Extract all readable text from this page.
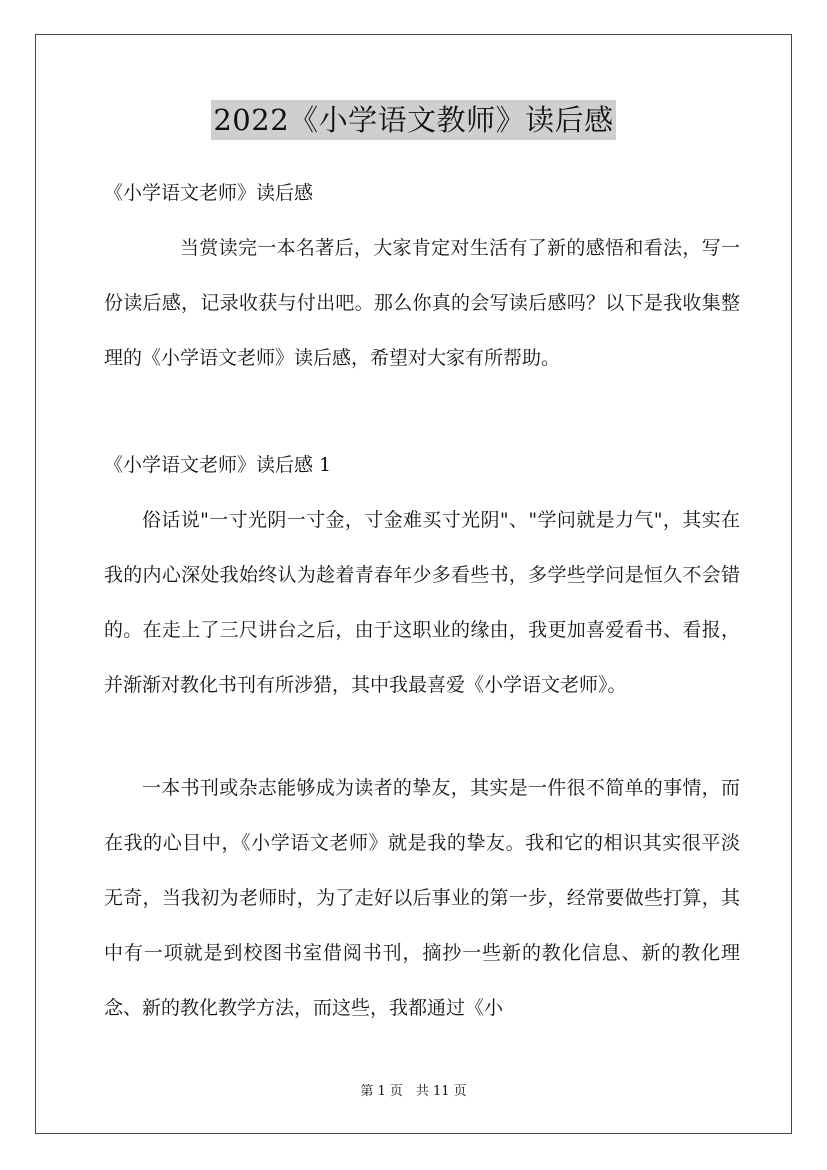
2022《小学语文教师》读后感
《小学语文老师》读后感

当赏读完一本名著后，大家肯定对生活有了新的感悟和看法，写一份读后感，记录收获与付出吧。那么你真的会写读后感吗？以下是我收集整理的《小学语文老师》读后感，希望对大家有所帮助。

《小学语文老师》读后感 1

俗话说"一寸光阴一寸金，寸金难买寸光阴"、"学问就是力气"，其实在我的内心深处我始终认为趁着青春年少多看些书，多学些学问是恒久不会错的。在走上了三尺讲台之后，由于这职业的缘由，我更加喜爱看书、看报，并渐渐对教化书刊有所涉猎，其中我最喜爱《小学语文老师》。

一本书刊或杂志能够成为读者的挚友，其实是一件很不简单的事情，而在我的心目中，《小学语文老师》就是我的挚友。我和它的相识其实很平淡无奇，当我初为老师时，为了走好以后事业的第一步，经常要做些打算，其中有一项就是到校图书室借阅书刊，摘抄一些新的教化信息、新的教化理念、新的教化教学方法，而这些，我都通过《小

第 1 页　共 11 页
